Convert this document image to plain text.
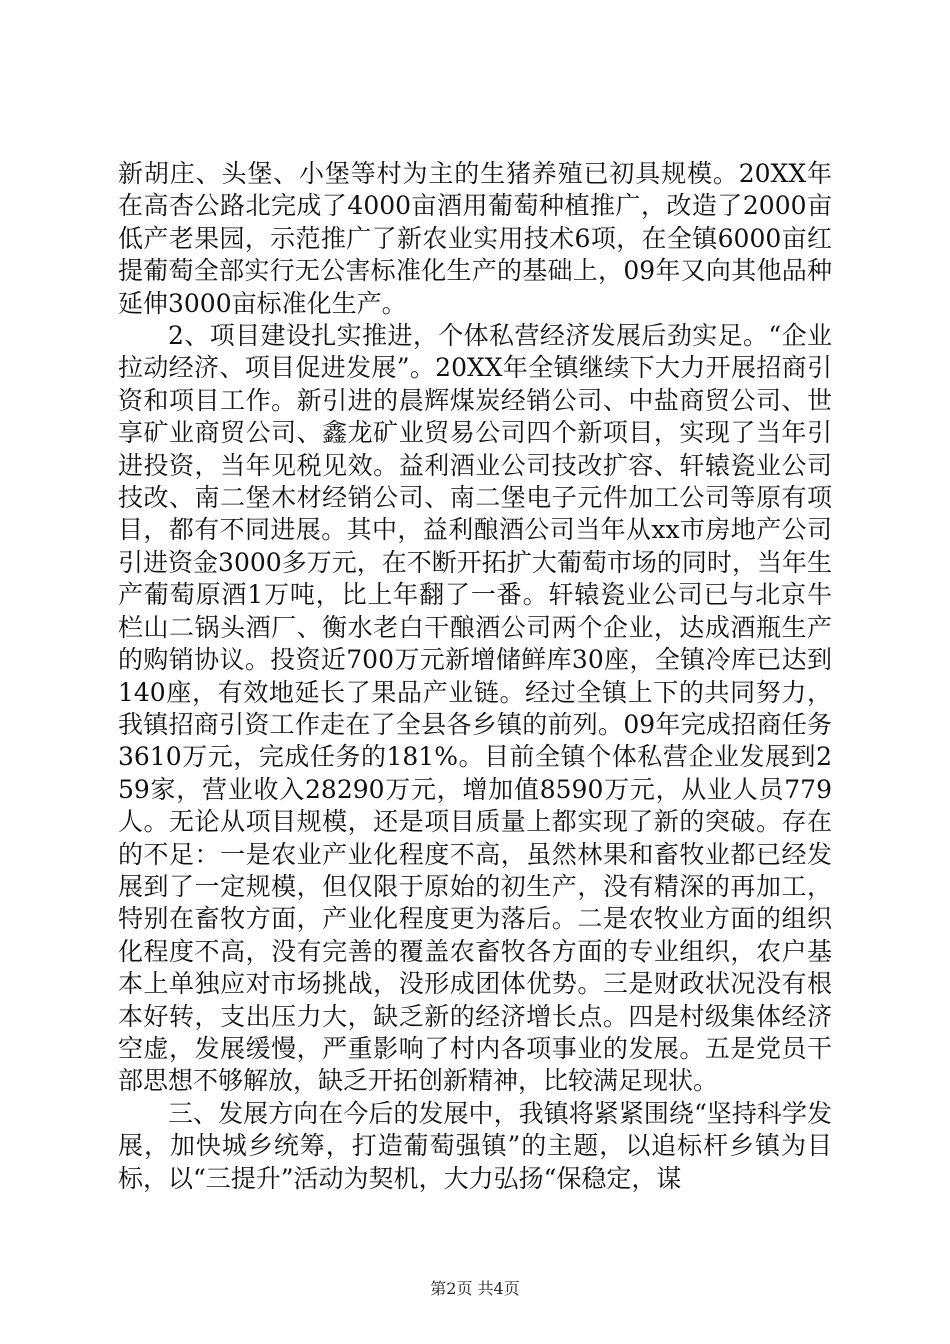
新胡庄、头堡、小堡等村为主的生猪养殖已初具规模。20XX年在高杏公路北完成了4000亩酒用葡萄种植推广，改造了2000亩低产老果园，示范推广了新农业实用技术6项，在全镇6000亩红提葡萄全部实行无公害标准化生产的基础上，09年又向其他品种延伸3000亩标准化生产。

2、项目建设扎实推进，个体私营经济发展后劲实足。“企业拉动经济、项目促进发展”。20XX年全镇继续下大力开展招商引资和项目工作。新引进的晨辉煤炭经销公司、中盐商贸公司、世享矿业商贸公司、鑫龙矿业贸易公司四个新项目，实现了当年引进投资，当年见税见效。益利酒业公司技改扩容、轩辕瓷业公司技改、南二堡木材经销公司、南二堡电子元件加工公司等原有项目，都有不同进展。其中，益利酿酒公司当年从xx市房地产公司引进资金3000多万元，在不断开拓扩大葡萄市场的同时，当年生产葡萄原酒1万吨，比上年翻了一番。轩辕瓷业公司已与北京牛栏山二锅头酒厂、衡水老白干酿酒公司两个企业，达成酒瓶生产的购销协议。投资近700万元新增储鲜库30座，全镇冷库已达到140座，有效地延长了果品产业链。经过全镇上下的共同努力，我镇招商引资工作走在了全县各乡镇的前列。09年完成招商任务3610万元，完成任务的181%。目前全镇个体私营企业发展到259家，营业收入28290万元，增加值8590万元，从业人员779人。无论从项目规模，还是项目质量上都实现了新的突破。存在的不足：一是农业产业化程度不高，虽然林果和畜牧业都已经发展到了一定规模，但仅限于原始的初生产，没有精深的再加工，特别在畜牧方面，产业化程度更为落后。二是农牧业方面的组织化程度不高，没有完善的覆盖农畜牧各方面的专业组织，农户基本上单独应对市场挑战，没形成团体优势。三是财政状况没有根本好转，支出压力大，缺乏新的经济增长点。四是村级集体经济空虚，发展缓慢，严重影响了村内各项事业的发展。五是党员干部思想不够解放，缺乏开拓创新精神，比较满足现状。

三、发展方向在今后的发展中，我镇将紧紧围绕“坚持科学发展，加快城乡统筹，打造葡萄强镇”的主题，以追标杆乡镇为目标，以“三提升”活动为契机，大力弘扬“保稳定，谋

第2页 共4页
